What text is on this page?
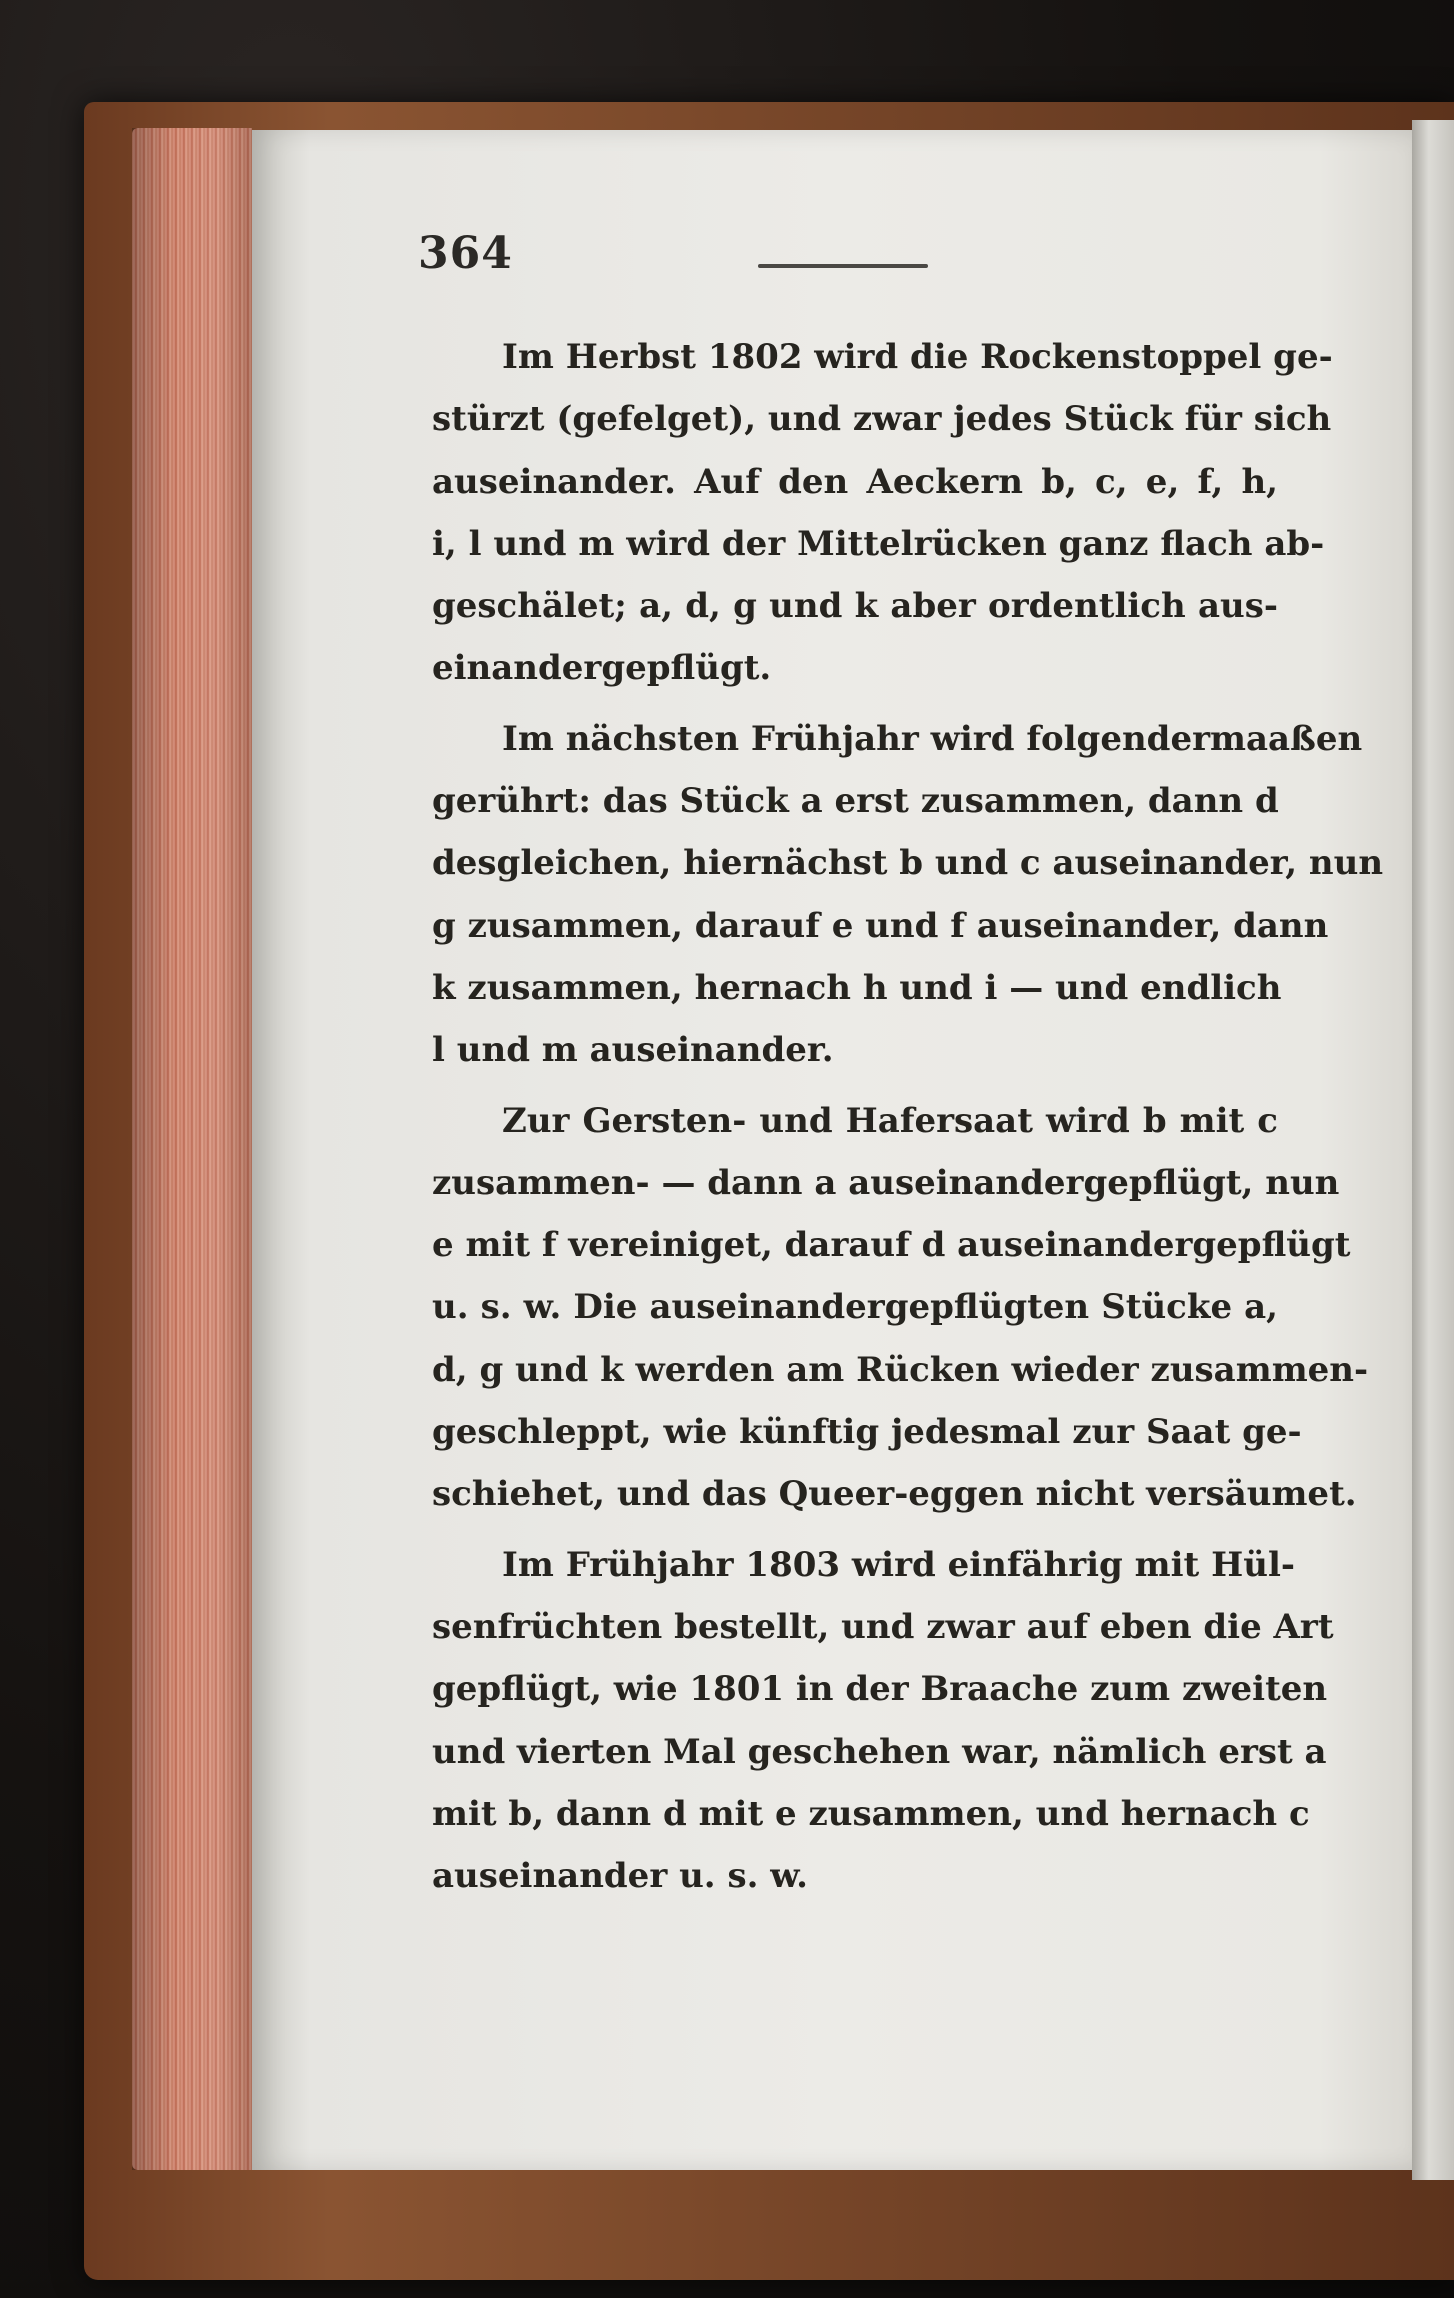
364
Im Herbst 1802 wird die Rockenstoppel ge-
stürzt (gefelget), und zwar jedes Stück für sich
auseinander. Auf den Aeckern b, c, e, f, h,
i, l und m wird der Mittelrücken ganz flach ab-
geschälet; a, d, g und k aber ordentlich aus-
einandergepflügt.
Im nächsten Frühjahr wird folgendermaaßen
gerührt: das Stück a erst zusammen, dann d
desgleichen, hiernächst b und c auseinander, nun
g zusammen, darauf e und f auseinander, dann
k zusammen, hernach h und i — und endlich
l und m auseinander.
Zur Gersten- und Hafersaat wird b mit c
zusammen- — dann a auseinandergepflügt, nun
e mit f vereiniget, darauf d auseinandergepflügt
u. s. w. Die auseinandergepflügten Stücke a,
d, g und k werden am Rücken wieder zusammen-
geschleppt, wie künftig jedesmal zur Saat ge-
schiehet, und das Queer-eggen nicht versäumet.
Im Frühjahr 1803 wird einfährig mit Hül-
senfrüchten bestellt, und zwar auf eben die Art
gepflügt, wie 1801 in der Braache zum zweiten
und vierten Mal geschehen war, nämlich erst a
mit b, dann d mit e zusammen, und hernach c
auseinander u. s. w.
